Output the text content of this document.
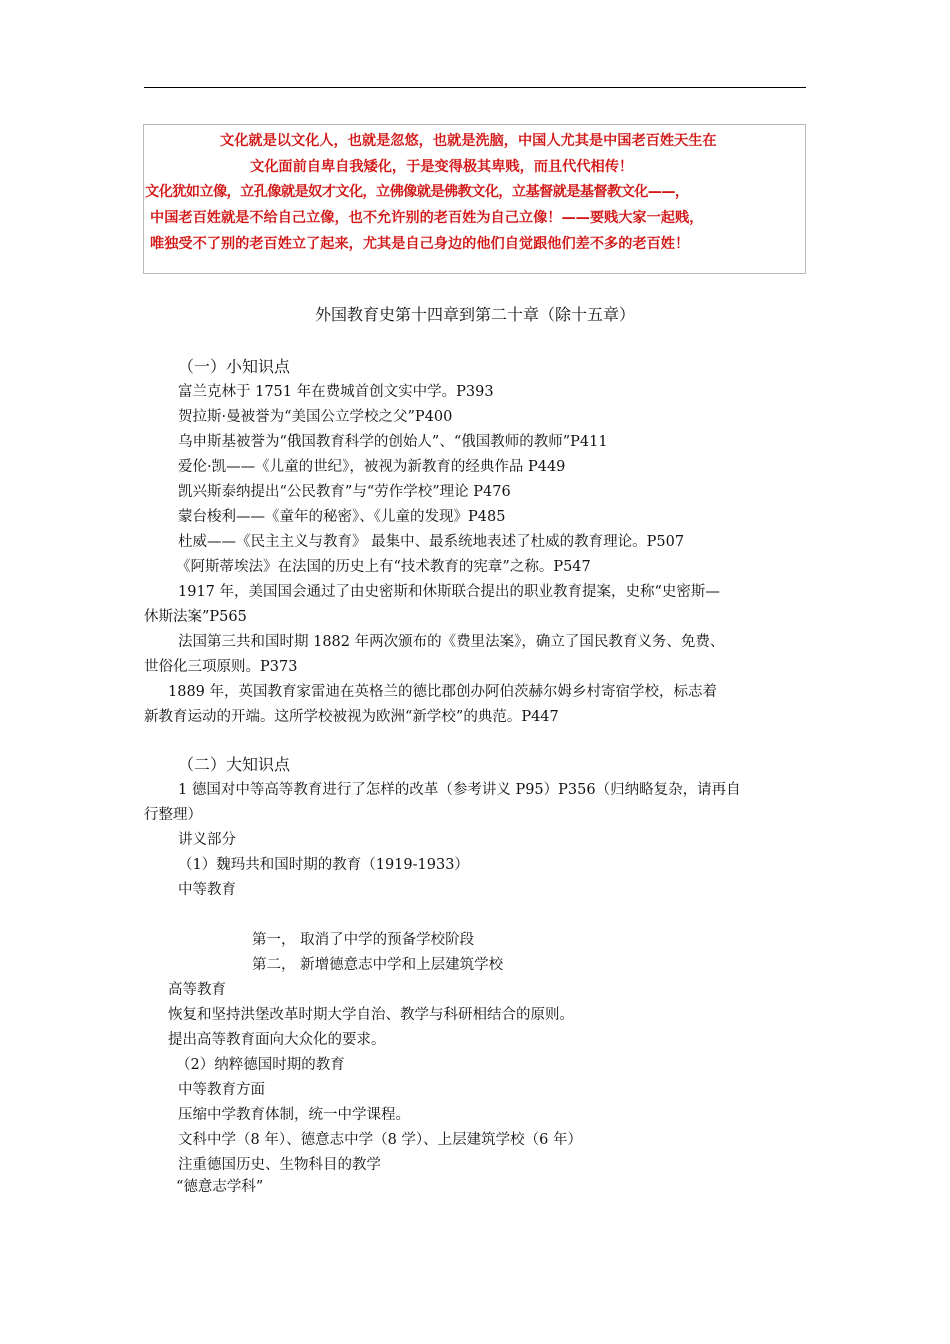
文化就是以文化人，也就是忽悠，也就是洗脑，中国人尤其是中国老百姓天生在
文化面前自卑自我矮化，于是变得极其卑贱，而且代代相传！
文化犹如立像，立孔像就是奴才文化，立佛像就是佛教文化，立基督就是基督教文化——，
中国老百姓就是不给自己立像，也不允许别的老百姓为自己立像！——要贱大家一起贱，
唯独受不了别的老百姓立了起来，尤其是自己身边的他们自觉跟他们差不多的老百姓！
外国教育史第十四章到第二十章（除十五章）
（一）小知识点
富兰克林于 1751 年在费城首创文实中学。P393
贺拉斯·曼被誉为“美国公立学校之父”P400
乌申斯基被誉为“俄国教育科学的创始人”、“俄国教师的教师”P411
爱伦·凯——《儿童的世纪》，被视为新教育的经典作品 P449
凯兴斯泰纳提出“公民教育”与“劳作学校”理论 P476
蒙台梭利——《童年的秘密》、《儿童的发现》P485
杜威——《民主主义与教育》 最集中、最系统地表述了杜威的教育理论。P507
《阿斯蒂埃法》在法国的历史上有“技术教育的宪章”之称。P547
1917 年，美国国会通过了由史密斯和休斯联合提出的职业教育提案，史称“史密斯—
休斯法案”P565
法国第三共和国时期 1882 年两次颁布的《费里法案》，确立了国民教育义务、免费、
世俗化三项原则。P373
1889 年，英国教育家雷迪在英格兰的德比郡创办阿伯茨赫尔姆乡村寄宿学校，标志着
新教育运动的开端。这所学校被视为欧洲“新学校”的典范。P447
（二）大知识点
1 德国对中等高等教育进行了怎样的改革（参考讲义 P95）P356（归纳略复杂，请再自
行整理）
讲义部分
（1）魏玛共和国时期的教育（1919-1933）
中等教育
第一， 取消了中学的预备学校阶段
第二， 新增德意志中学和上层建筑学校
高等教育
恢复和坚持洪堡改革时期大学自治、教学与科研相结合的原则。
提出高等教育面向大众化的要求。
（2）纳粹德国时期的教育
中等教育方面
压缩中学教育体制，统一中学课程。
文科中学（8 年）、德意志中学（8 学）、上层建筑学校（6 年）
注重德国历史、生物科目的教学
“德意志学科”
